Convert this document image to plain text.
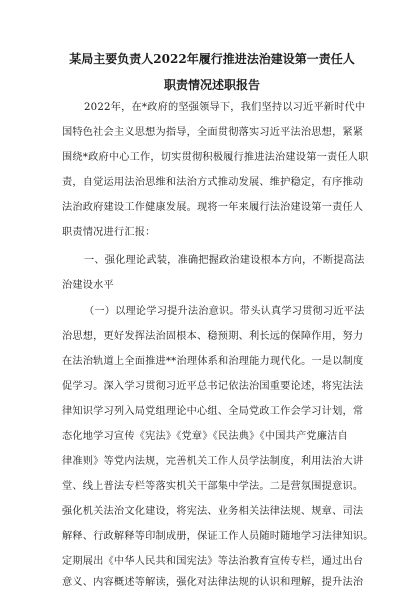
某局主要负责人2022年履行推进法治建设第一责任人
职责情况述职报告
2022年，在*政府的坚强领导下，我们坚持以习近平新时代中
国特色社会主义思想为指导，全面贯彻落实习近平法治思想，紧紧
围绕*政府中心工作，切实贯彻积极履行推进法治建设第一责任人职
责，自觉运用法治思维和法治方式推动发展、维护稳定，有序推动
法治政府建设工作健康发展。现将一年来履行法治建设第一责任人
职责情况进行汇报：
一、强化理论武装，准确把握政治建设根本方向，不断提高法
治建设水平
（一）以理论学习提升法治意识。带头认真学习贯彻习近平法
治思想，更好发挥法治固根本、稳预期、利长远的保障作用，努力
在法治轨道上全面推进**治理体系和治理能力现代化。一是以制度
促学习。深入学习贯彻习近平总书记依法治国重要论述，将宪法法
律知识学习列入局党组理论中心组、全局党政工作会学习计划，常
态化地学习宣传《宪法》《党章》《民法典》《中国共产党廉洁自
律准则》等党内法规，完善机关工作人员学法制度，利用法治大讲
堂、线上普法专栏等落实机关干部集中学法。二是营氛围提意识。
强化机关法治文化建设，将宪法、业务相关法律法规、规章、司法
解释、行政解释等印制成册，保证工作人员随时随地学习法律知识。
定期展出《中华人民共和国宪法》等法治教育宣传专栏，通过出台
意义、内容概述等解读，强化对法律法规的认识和理解，提升法治
